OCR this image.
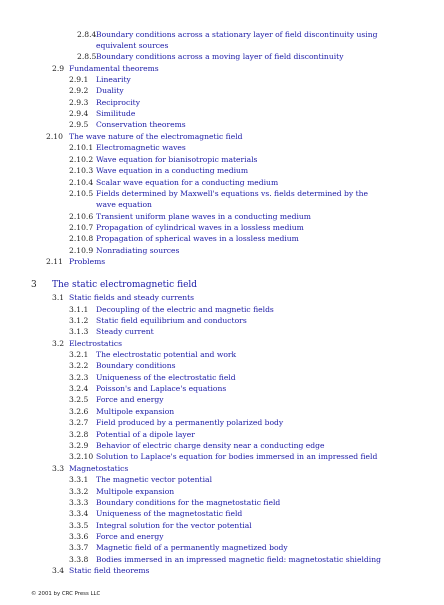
2.8.4 Boundary conditions across a stationary layer of field discontinuity using
equivalent sources
2.8.5 Boundary conditions across a moving layer of field discontinuity
2.9 Fundamental theorems
2.9.1 Linearity
2.9.2 Duality
2.9.3 Reciprocity
2.9.4 Similitude
2.9.5 Conservation theorems
2.10 The wave nature of the electromagnetic field
2.10.1 Electromagnetic waves
2.10.2 Wave equation for bianisotropic materials
2.10.3 Wave equation in a conducting medium
2.10.4 Scalar wave equation for a conducting medium
2.10.5 Fields determined by Maxwell's equations vs. fields determined by the
wave equation
2.10.6 Transient uniform plane waves in a conducting medium
2.10.7 Propagation of cylindrical waves in a lossless medium
2.10.8 Propagation of spherical waves in a lossless medium
2.10.9 Nonradiating sources
2.11 Problems
3 The static electromagnetic field
3.1 Static fields and steady currents
3.1.1 Decoupling of the electric and magnetic fields
3.1.2 Static field equilibrium and conductors
3.1.3 Steady current
3.2 Electrostatics
3.2.1 The electrostatic potential and work
3.2.2 Boundary conditions
3.2.3 Uniqueness of the electrostatic field
3.2.4 Poisson's and Laplace's equations
3.2.5 Force and energy
3.2.6 Multipole expansion
3.2.7 Field produced by a permanently polarized body
3.2.8 Potential of a dipole layer
3.2.9 Behavior of electric charge density near a conducting edge
3.2.10 Solution to Laplace's equation for bodies immersed in an impressed field
3.3 Magnetostatics
3.3.1 The magnetic vector potential
3.3.2 Multipole expansion
3.3.3 Boundary conditions for the magnetostatic field
3.3.4 Uniqueness of the magnetostatic field
3.3.5 Integral solution for the vector potential
3.3.6 Force and energy
3.3.7 Magnetic field of a permanently magnetized body
3.3.8 Bodies immersed in an impressed magnetic field: magnetostatic shielding
3.4 Static field theorems
© 2001 by CRC Press LLC
